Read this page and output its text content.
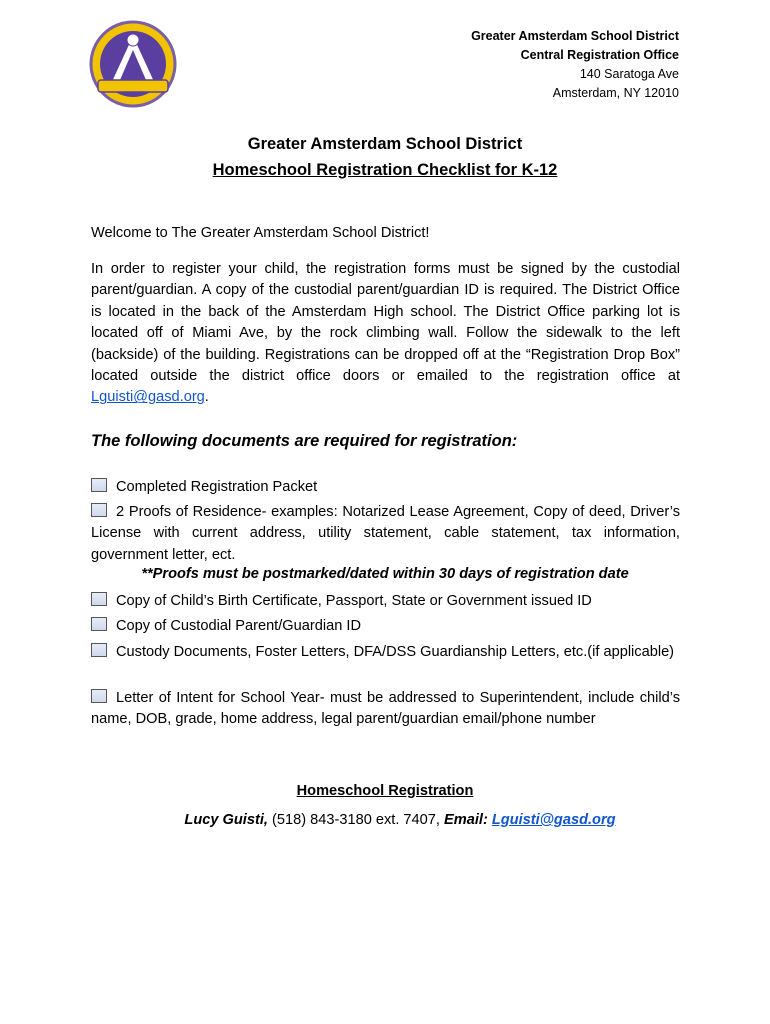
Greater Amsterdam School District
Central Registration Office
140 Saratoga Ave
Amsterdam, NY 12010
Greater Amsterdam School District
Homeschool Registration Checklist for K-12
Welcome to The Greater Amsterdam School District!
In order to register your child, the registration forms must be signed by the custodial parent/guardian. A copy of the custodial parent/guardian ID is required. The District Office is located in the back of the Amsterdam High school. The District Office parking lot is located off of Miami Ave, by the rock climbing wall. Follow the sidewalk to the left (backside) of the building. Registrations can be dropped off at the “Registration Drop Box” located outside the district office doors or emailed to the registration office at Lguisti@gasd.org.
The following documents are required for registration:
Completed Registration Packet
2 Proofs of Residence- examples: Notarized Lease Agreement, Copy of deed, Driver’s License with current address, utility statement, cable statement, tax information, government letter, ect.
**Proofs must be postmarked/dated within 30 days of registration date
Copy of Child’s Birth Certificate, Passport, State or Government issued ID
Copy of Custodial Parent/Guardian ID
Custody Documents, Foster Letters, DFA/DSS Guardianship Letters, etc.(if applicable)
Letter of Intent for School Year- must be addressed to Superintendent, include child’s name, DOB, grade, home address, legal parent/guardian email/phone number
Homeschool Registration
Lucy Guisti, (518) 843-3180 ext. 7407, Email: Lguisti@gasd.org
